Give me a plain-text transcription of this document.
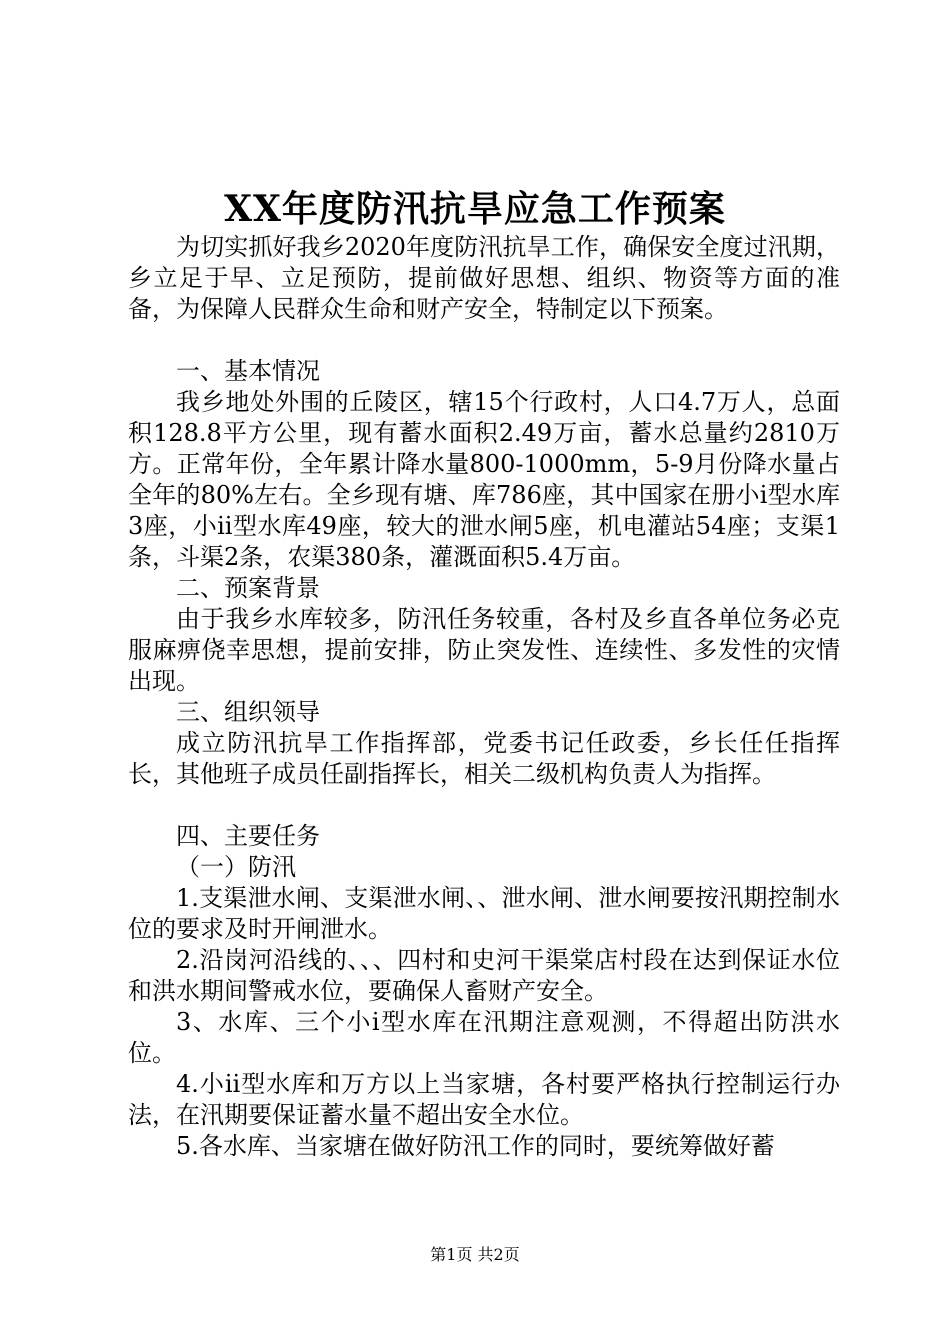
XX年度防汛抗旱应急工作预案

为切实抓好我乡2020年度防汛抗旱工作，确保安全度过汛期，乡立足于早、立足预防，提前做好思想、组织、物资等方面的准备，为保障人民群众生命和财产安全，特制定以下预案。

一、基本情况

我乡地处外围的丘陵区，辖15个行政村，人口4.7万人，总面积128.8平方公里，现有蓄水面积2.49万亩，蓄水总量约2810万方。正常年份，全年累计降水量800-1000mm，5-9月份降水量占全年的80%左右。全乡现有塘、库786座，其中国家在册小ⅰ型水库3座，小ⅱ型水库49座，较大的泄水闸5座，机电灌站54座；支渠1条，斗渠2条，农渠380条，灌溉面积5.4万亩。

二、预案背景

由于我乡水库较多，防汛任务较重，各村及乡直各单位务必克服麻痹侥幸思想，提前安排，防止突发性、连续性、多发性的灾情出现。

三、组织领导

成立防汛抗旱工作指挥部，党委书记任政委，乡长任任指挥长，其他班子成员任副指挥长，相关二级机构负责人为指挥。

四、主要任务

（一）防汛

1.支渠泄水闸、支渠泄水闸、、泄水闸、泄水闸要按汛期控制水位的要求及时开闸泄水。

2.沿岗河沿线的、、、四村和史河干渠棠店村段在达到保证水位和洪水期间警戒水位，要确保人畜财产安全。

3、水库、三个小ⅰ型水库在汛期注意观测，不得超出防洪水位。

4.小ⅱ型水库和万方以上当家塘，各村要严格执行控制运行办法，在汛期要保证蓄水量不超出安全水位。

5.各水库、当家塘在做好防汛工作的同时，要统筹做好蓄

第1页 共2页
